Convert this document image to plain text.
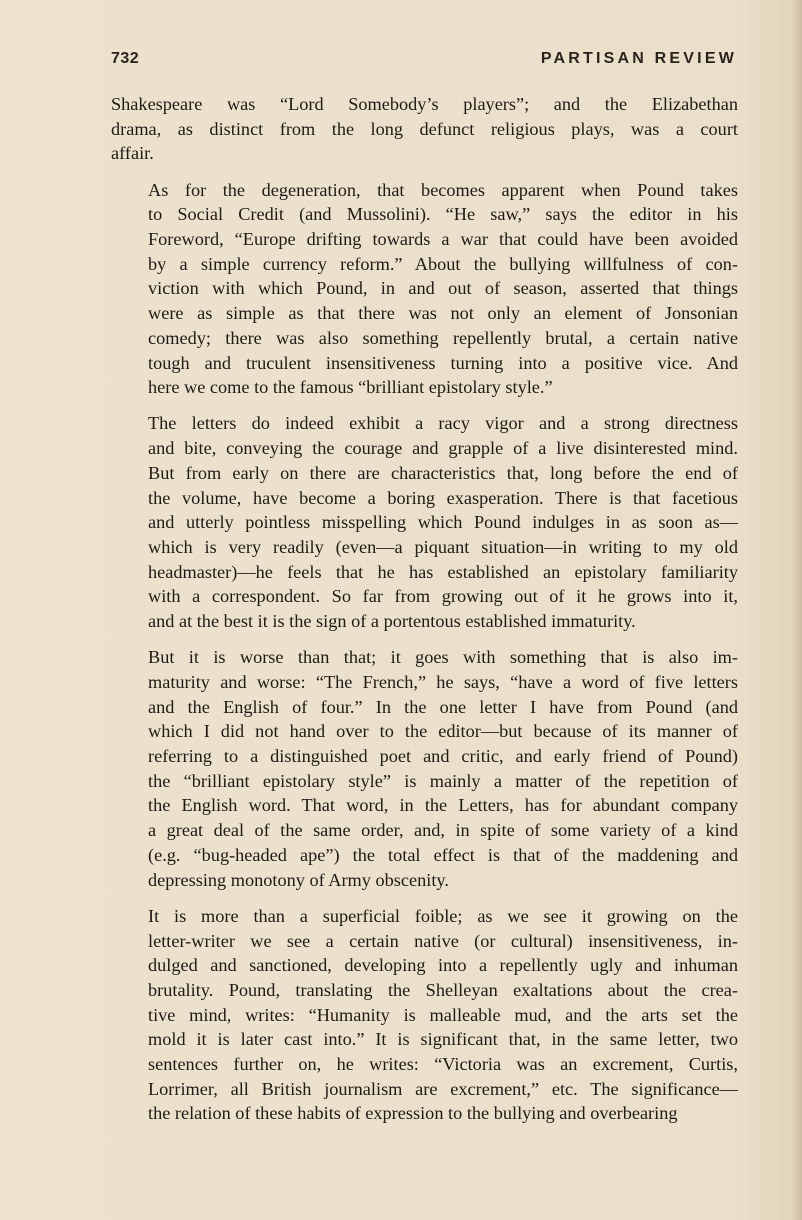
732	PARTISAN REVIEW

Shakespeare was “Lord Somebody’s players”; and the Elizabethan
drama, as distinct from the long defunct religious plays, was a court
affair.

As for the degeneration, that becomes apparent when Pound takes
to Social Credit (and Mussolini). “He saw,” says the editor in his
Foreword, “Europe drifting towards a war that could have been avoided
by a simple currency reform.” About the bullying willfulness of con-
viction with which Pound, in and out of season, asserted that things
were as simple as that there was not only an element of Jonsonian
comedy; there was also something repellently brutal, a certain native
tough and truculent insensitiveness turning into a positive vice. And
here we come to the famous “brilliant epistolary style.”

The letters do indeed exhibit a racy vigor and a strong directness
and bite, conveying the courage and grapple of a live disinterested mind.
But from early on there are characteristics that, long before the end of
the volume, have become a boring exasperation. There is that facetious
and utterly pointless misspelling which Pound indulges in as soon as—
which is very readily (even—a piquant situation—in writing to my old
headmaster)—he feels that he has established an epistolary familiarity
with a correspondent. So far from growing out of it he grows into it,
and at the best it is the sign of a portentous established immaturity.

But it is worse than that; it goes with something that is also im-
maturity and worse: “The French,” he says, “have a word of five letters
and the English of four.” In the one letter I have from Pound (and
which I did not hand over to the editor—but because of its manner of
referring to a distinguished poet and critic, and early friend of Pound)
the “brilliant epistolary style” is mainly a matter of the repetition of
the English word. That word, in the Letters, has for abundant company
a great deal of the same order, and, in spite of some variety of a kind
(e.g. “bug-headed ape”) the total effect is that of the maddening and
depressing monotony of Army obscenity.

It is more than a superficial foible; as we see it growing on the
letter-writer we see a certain native (or cultural) insensitiveness, in-
dulged and sanctioned, developing into a repellently ugly and inhuman
brutality. Pound, translating the Shelleyan exaltations about the crea-
tive mind, writes: “Humanity is malleable mud, and the arts set the
mold it is later cast into.” It is significant that, in the same letter, two
sentences further on, he writes: “Victoria was an excrement, Curtis,
Lorrimer, all British journalism are excrement,” etc. The significance—
the relation of these habits of expression to the bullying and overbearing
